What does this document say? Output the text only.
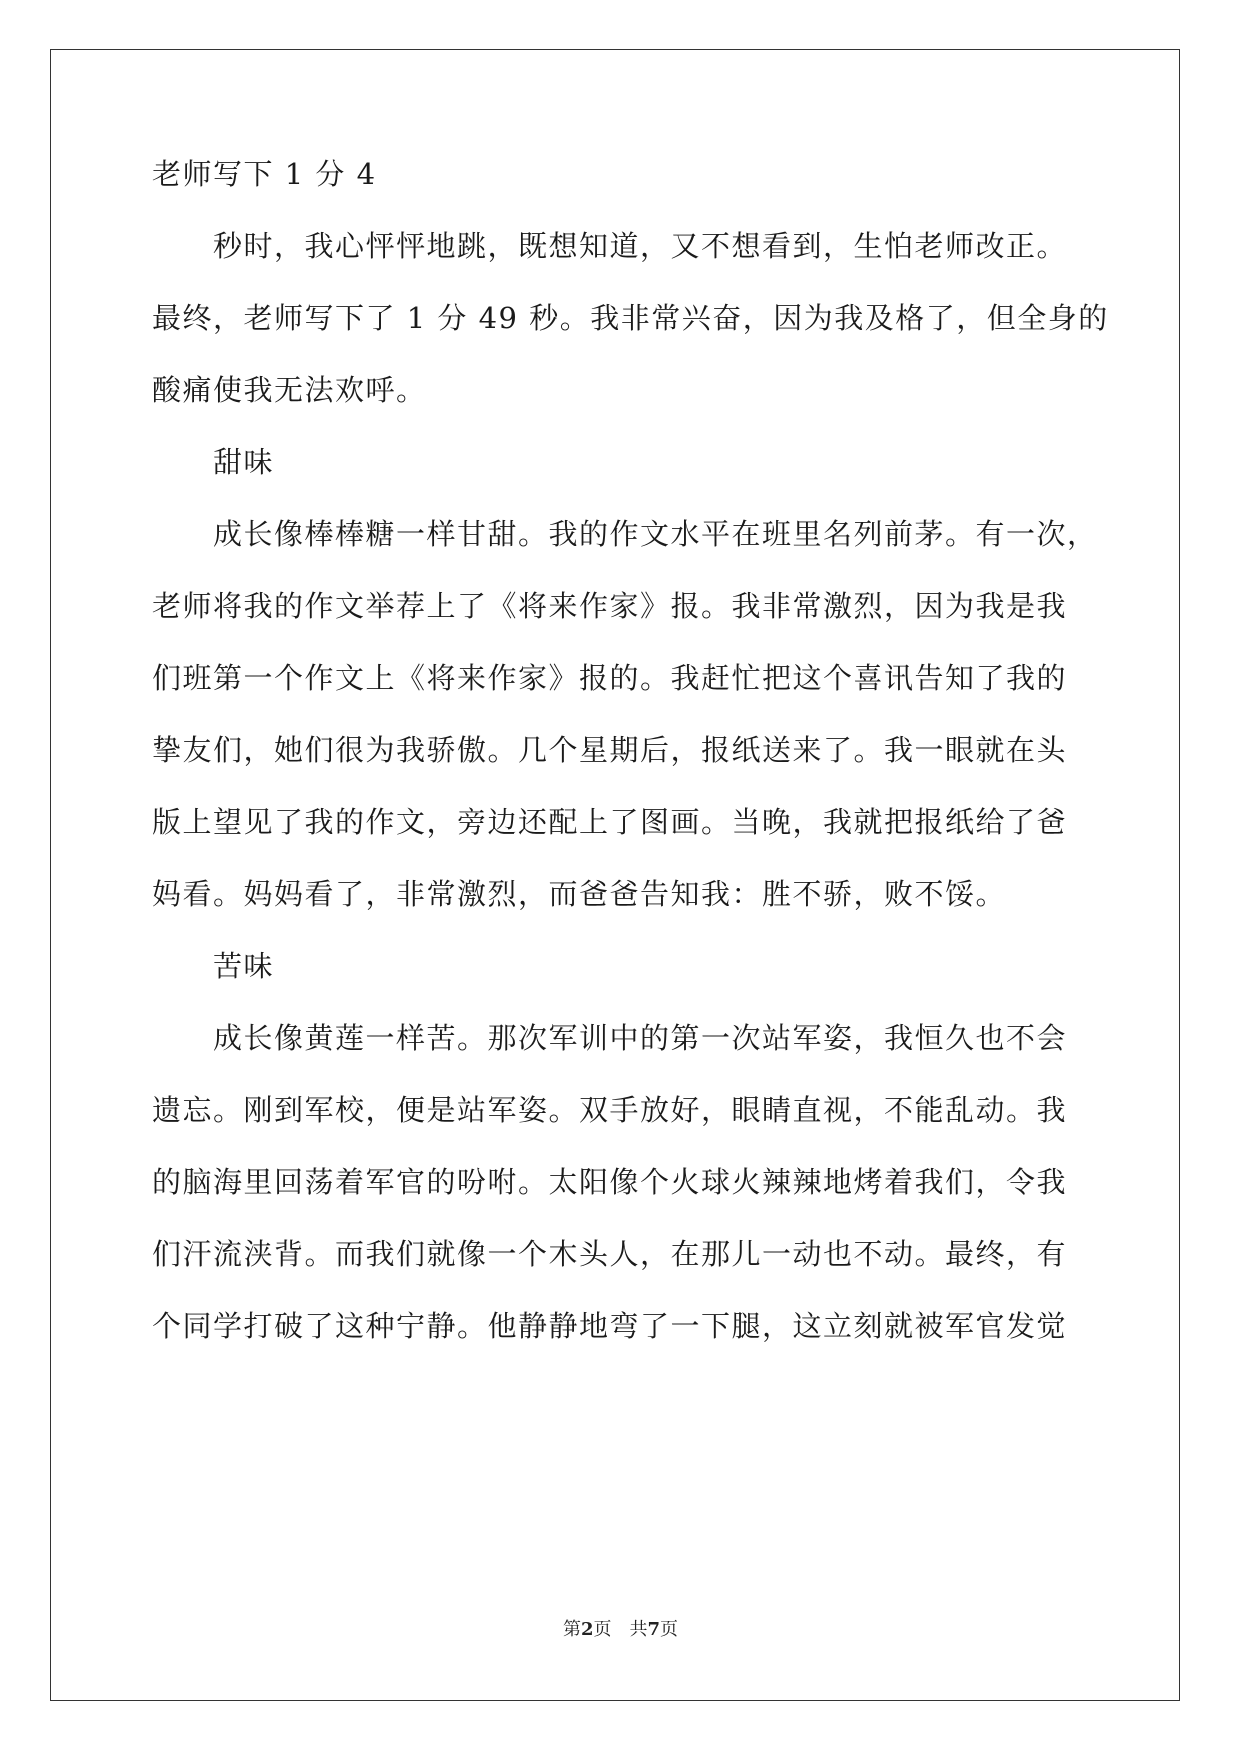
老师写下 1 分 4

　　秒时，我心怦怦地跳，既想知道，又不想看到，生怕老师改正。

最终，老师写下了 1 分 49 秒。我非常兴奋，因为我及格了，但全身的

酸痛使我无法欢呼。

　　甜味

　　成长像棒棒糖一样甘甜。我的作文水平在班里名列前茅。有一次，

老师将我的作文举荐上了《将来作家》报。我非常激烈，因为我是我

们班第一个作文上《将来作家》报的。我赶忙把这个喜讯告知了我的

挚友们，她们很为我骄傲。几个星期后，报纸送来了。我一眼就在头

版上望见了我的作文，旁边还配上了图画。当晚，我就把报纸给了爸

妈看。妈妈看了，非常激烈，而爸爸告知我：胜不骄，败不馁。

　　苦味

　　成长像黄莲一样苦。那次军训中的第一次站军姿，我恒久也不会

遗忘。刚到军校，便是站军姿。双手放好，眼睛直视，不能乱动。我

的脑海里回荡着军官的吩咐。太阳像个火球火辣辣地烤着我们，令我

们汗流浃背。而我们就像一个木头人，在那儿一动也不动。最终，有

个同学打破了这种宁静。他静静地弯了一下腿，这立刻就被军官发觉

第2页　共7页
